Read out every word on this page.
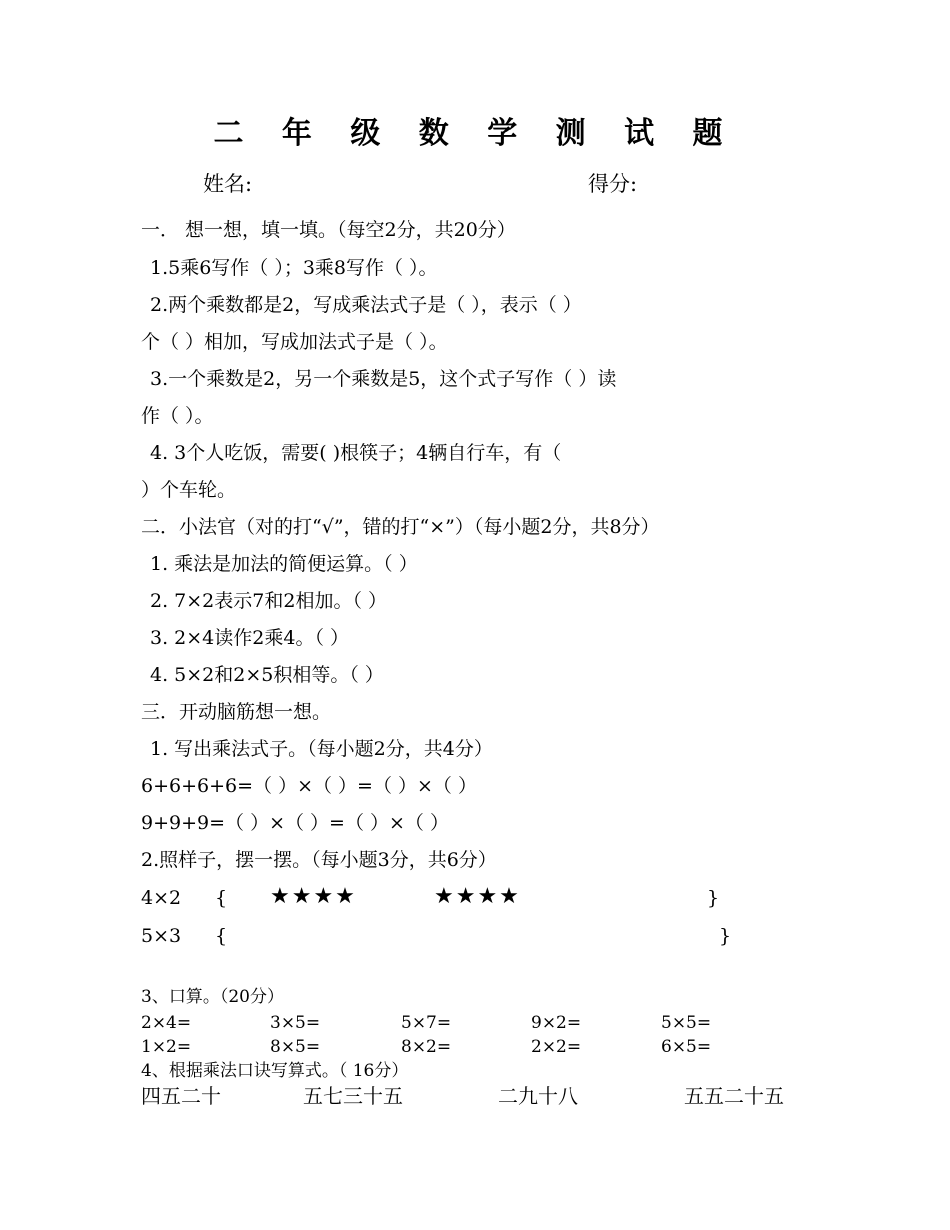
二 年 级 数 学 测 试 题
姓名:	得分:
一． 想一想，填一填。（每空2分，共20分）
1.5乘6写作（ ）；3乘8写作（ ）。
2.两个乘数都是2，写成乘法式子是（ ），表示（ ）
个（ ）相加，写成加法式子是（ ）。
3.一个乘数是2，另一个乘数是5，这个式子写作（ ）读
作（ ）。
4. 3个人吃饭，需要( )根筷子；4辆自行车，有（
）个车轮。
二．小法官（对的打“√”，错的打“×”）（每小题2分，共8分）
1. 乘法是加法的简便运算。（ ）
2. 7×2表示7和2相加。（ ）
3. 2×4读作2乘4。（ ）
4. 5×2和2×5积相等。（ ）
三．开动脑筋想一想。
1. 写出乘法式子。（每小题2分，共4分）
6+6+6+6=（ ）×（ ）=（ ）×（ ）
9+9+9=（ ）×（ ）=（ ）×（ ）
2.照样子，摆一摆。（每小题3分，共6分）
4×2 { ★★★★	★★★★	}
5×3 {	}
3、口算。（20分）
2×4=	3×5=	5×7=	9×2=	5×5=
1×2=	8×5=	8×2=	2×2=	6×5=
4、根据乘法口诀写算式。（ 16分）
四五二十	五七三十五	二九十八	五五二十五
